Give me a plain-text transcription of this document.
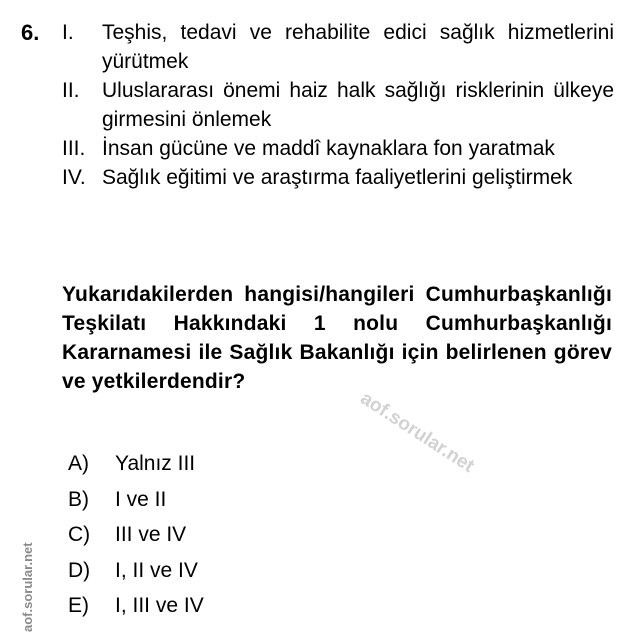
6. I.	Teşhis, tedavi ve rehabilite edici sağlık hizmetlerini yürütmek
II.	Uluslararası önemi haiz halk sağlığı risklerinin ülkeye girmesini önlemek
III. İnsan gücüne ve maddî kaynaklara fon yaratmak
IV. Sağlık eğitimi ve araştırma faaliyetlerini geliştirmek
Yukarıdakilerden hangisi/hangileri Cumhurbaşkanlığı Teşkilatı Hakkındaki 1 nolu Cumhurbaşkanlığı Kararnamesi ile Sağlık Bakanlığı için belirlenen görev ve yetkilerdendir?
A)	Yalnız III
B)	I ve II
C)	III ve IV
D)	I, II ve IV
E)	I, III ve IV
aof.sorular.net
aof.sorular.net
